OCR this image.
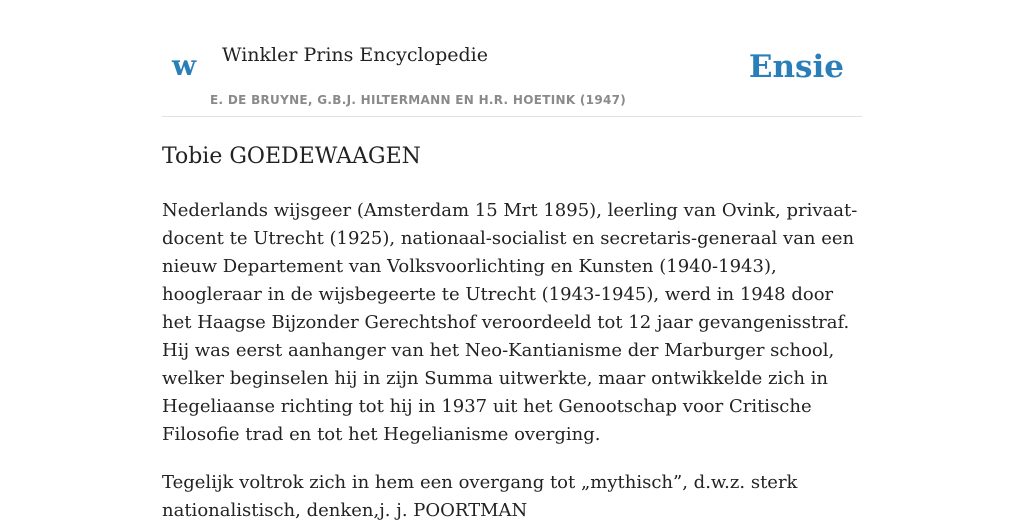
w Winkler Prins Encyclopedie
E. DE BRUYNE, G.B.J. HILTERMANN EN H.R. HOETINK (1947)
Ensie
Tobie GOEDEWAAGEN

Nederlands wijsgeer (Amsterdam 15 Mrt 1895), leerling van Ovink, privaat-docent te Utrecht (1925), nationaal-socialist en secretaris-generaal van een nieuw Departement van Volksvoorlichting en Kunsten (1940-1943), hoogleraar in de wijsbegeerte te Utrecht (1943-1945), werd in 1948 door het Haagse Bijzonder Gerechtshof veroordeeld tot 12 jaar gevangenisstraf. Hij was eerst aanhanger van het Neo-Kantianisme der Marburger school, welker beginselen hij in zijn Summa uitwerkte, maar ontwikkelde zich in Hegeliaanse richting tot hij in 1937 uit het Genootschap voor Critische Filosofie trad en tot het Hegelianisme overging.

Tegelijk voltrok zich in hem een overgang tot „mythisch”, d.w.z. sterk nationalistisch, denken,j. j. POORTMAN
